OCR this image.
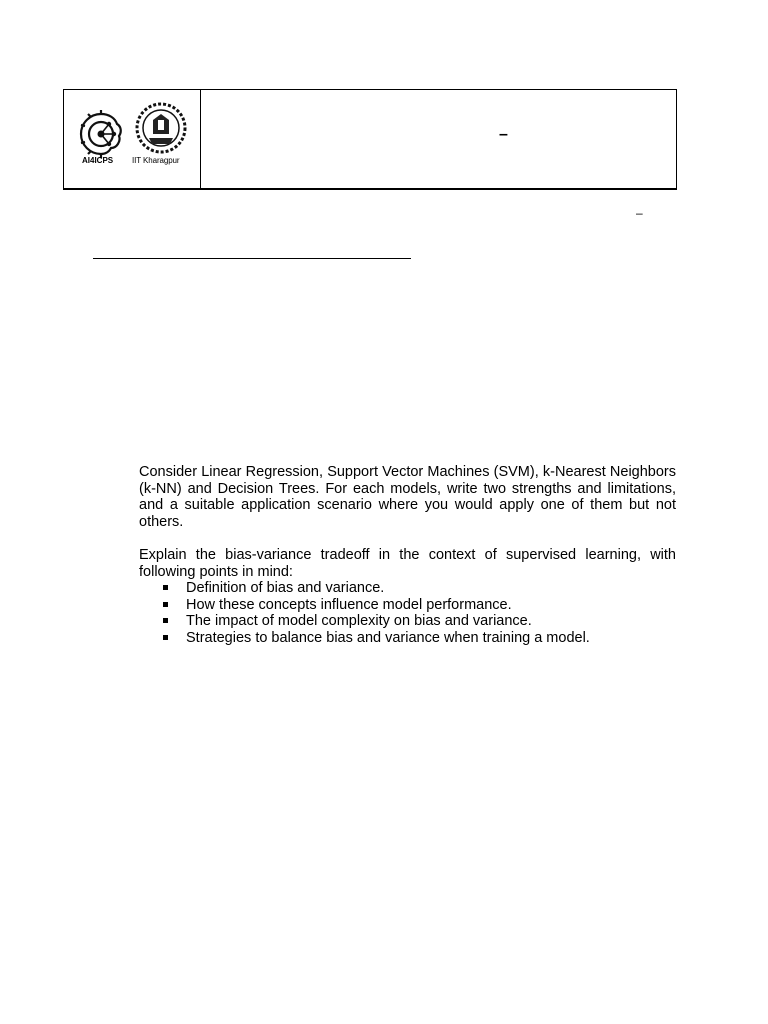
AI4ICPS IIT Kharagpur
–
–

Consider Linear Regression, Support Vector Machines (SVM), k-Nearest Neighbors (k-NN) and Decision Trees. For each models, write two strengths and limitations, and a suitable application scenario where you would apply one of them but not others.

Explain the bias-variance tradeoff in the context of supervised learning, with following points in mind:

Definition of bias and variance.
How these concepts influence model performance.
The impact of model complexity on bias and variance.
Strategies to balance bias and variance when training a model.
